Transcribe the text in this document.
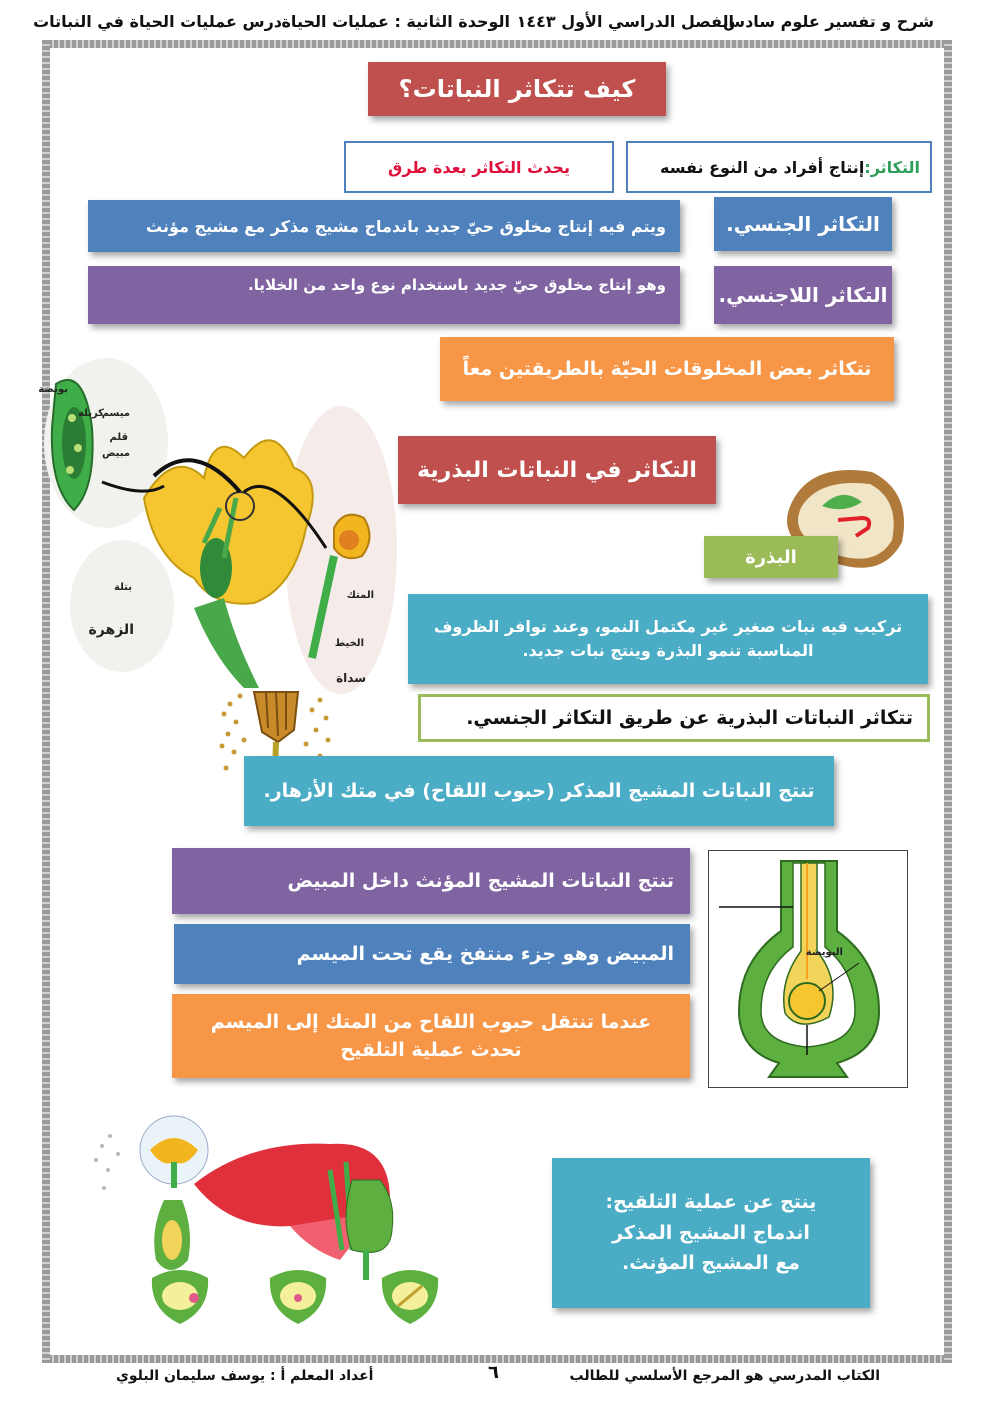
شرح و تفسير علوم سادس
الفصل الدراسي الأول ١٤٤٣
الوحدة الثانية : عمليات الحياة
درس عمليات الحياة في النباتات
كيف تتكاثر النباتات؟
التكاثر:
إنتاج أفراد من النوع نفسه
يحدث التكاثر بعدة طرق
التكاثر الجنسي.
ويتم فيه إنتاج مخلوق حيّ جديد باندماج مشيج مذكر مع مشيج مؤنث
التكاثر اللاجنسي.
وهو إنتاج مخلوق حيّ جديد باستخدام نوع واحد من الخلايا.
تتكاثر بعض المخلوقات الحيّة بالطريقتين معاً
بويضة
كربلة
ميسم
قلم
مبيض
بتلة
الزهرة
المتك
الخيط
سداة
التكاثر في النباتات البذرية
البذرة
تركيب فيه نبات صغير غير مكتمل النمو، وعند توافر الظروف المناسبة تنمو البذرة وينتج نبات جديد.
تتكاثر النباتات البذرية عن طريق التكاثر الجنسي.
تنتج النباتات المشيج المذكر (حبوب اللقاح) في متك الأزهار.
تنتج النباتات المشيج المؤنث داخل المبيض
المبيض وهو جزء منتفخ يقع تحت الميسم
عندما تنتقل حبوب اللقاح من المتك إلى الميسم
تحدث عملية التلقيح
البويضة
ينتج عن عملية التلقيح:
اندماج المشيج المذكر
مع المشيج المؤنث.
الكتاب المدرسي هو المرجع الأسلسي للطالب
٦
أعداد المعلم أ : يوسف سليمان البلوي
